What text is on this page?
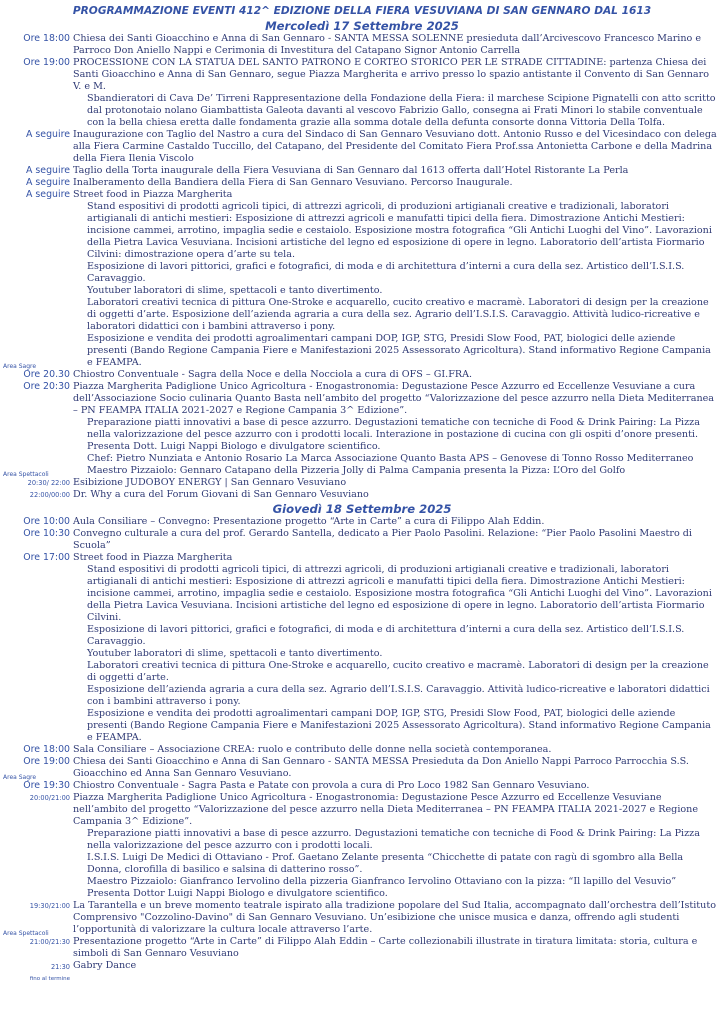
PROGRAMMAZIONE EVENTI 412^ EDIZIONE DELLA FIERA VESUVIANA DI SAN GENNARO DAL 1613
Mercoledì 17 Settembre 2025
Ore 18:00 Chiesa dei Santi Gioacchino e Anna di San Gennaro - SANTA MESSA SOLENNE presieduta dall’Arcivescovo Francesco Marino e Parroco Don Aniello Nappi e Cerimonia di Investitura del Catapano Signor Antonio Carrella

Ore 19:00 PROCESSIONE CON LA STATUA DEL SANTO PATRONO E CORTEO STORICO PER LE STRADE CITTADINE: partenza Chiesa dei Santi Gioacchino e Anna di San Gennaro, segue Piazza Margherita e arrivo presso lo spazio antistante il Convento di San Gennaro V. e M.

Sbandieratori di Cava De’ Tirreni Rappresentazione della Fondazione della Fiera: il marchese Scipione Pignatelli con atto scritto dal protonotaio nolano Giambattista Galeota davanti al vescovo Fabrizio Gallo, consegna ai Frati Minori lo stabile conventuale con la bella chiesa eretta dalle fondamenta grazie alla somma dotale della defunta consorte donna Vittoria Della Tolfa.

A seguire Inaugurazione con Taglio del Nastro a cura del Sindaco di San Gennaro Vesuviano dott. Antonio Russo e del Vicesindaco con delega alla Fiera Carmine Castaldo Tuccillo, del Catapano, del Presidente del Comitato Fiera Prof.ssa Antonietta Carbone e della Madrina della Fiera Ilenia Viscolo

A seguire Taglio della Torta inaugurale della Fiera Vesuviana di San Gennaro dal 1613 offerta dall’Hotel Ristorante La Perla

A seguire Inalberamento della Bandiera della Fiera di San Gennaro Vesuviano. Percorso Inaugurale.

A seguire Street food in Piazza Margherita

Stand espositivi di prodotti agricoli tipici, di attrezzi agricoli, di produzioni artigianali creative e tradizionali, laboratori artigianali di antichi mestieri: Esposizione di attrezzi agricoli e manufatti tipici della fiera. Dimostrazione Antichi Mestieri: incisione cammei, arrotino, impagliа sedie e cestaiolo. Esposizione mostra fotografica “Gli Antichi Luoghi del Vino”. Lavorazioni della Pietra Lavica Vesuviana. Incisioni artistiche del legno ed esposizione di opere in legno. Laboratorio dell’artista Fiormario Cilvini: dimostrazione opera d’arte su tela.

Esposizione di lavori pittorici, grafici e fotografici, di moda e di architettura d’interni a cura della sez. Artistico dell’I.S.I.S. Caravaggio.

Youtuber laboratori di slime, spettacoli e tanto divertimento.

Laboratori creativi tecnica di pittura One-Stroke e acquarello, cucito creativo e macramè. Laboratori di design per la creazione di oggetti d’arte. Esposizione dell’azienda agraria a cura della sez. Agrario dell’I.S.I.S. Caravaggio. Attività ludico-ricreative e laboratori didattici con i bambini attraverso i pony.

Esposizione e vendita dei prodotti agroalimentari campani DOP, IGP, STG, Presidi Slow Food, PAT, biologici delle aziende presenti (Bando Regione Campania Fiere e Manifestazioni 2025 Assessorato Agricoltura). Stand informativo Regione Campania e FEAMPA.

Area Sagre
Ore 20.30 Chiostro Conventuale - Sagra della Noce e della Nocciola a cura di OFS – GI.FRA.

Ore 20:30 Piazza Margherita Padiglione Unico Agricoltura - Enogastronomia: Degustazione Pesce Azzurro ed Eccellenze Vesuviane a cura dell’Associazione Socio culinaria Quanto Basta nell’ambito del progetto “Valorizzazione del pesce azzurro nella Dieta Mediterranea – PN FEAMPA ITALIA 2021-2027 e Regione Campania 3^ Edizione”.

Preparazione piatti innovativi a base di pesce azzurro. Degustazioni tematiche con tecniche di Food & Drink Pairing: La Pizza nella valorizzazione del pesce azzurro con i prodotti locali. Interazione in postazione di cucina con gli ospiti d’onore presenti. Presenta Dott. Luigi Nappi Biologo e divulgatore scientifico.

Chef: Pietro Nunziata e Antonio Rosario La Marca Associazione Quanto Basta APS – Genovese di Tonno Rosso Mediterraneo

Maestro Pizzaiolo: Gennaro Catapano della Pizzeria Jolly di Palma Campania presenta la Pizza: L’Oro del Golfo

Area Spettacoli
20:30/ 22:00 Esibizione JUDOBOY ENERGY | San Gennaro Vesuviano

22:00/00:00 Dr. Why a cura del Forum Giovani di San Gennaro Vesuviano

Giovedì 18 Settembre 2025
Ore 10:00 Aula Consiliare – Convegno: Presentazione progetto “Arte in Carte” a cura di Filippo Alah Eddin.

Ore 10:30 Convegno culturale a cura del prof. Gerardo Santella, dedicato a Pier Paolo Pasolini. Relazione: “Pier Paolo Pasolini Maestro di Scuola”

Ore 17:00 Street food in Piazza Margherita

Stand espositivi di prodotti agricoli tipici, di attrezzi agricoli, di produzioni artigianali creative e tradizionali, laboratori artigianali di antichi mestieri: Esposizione di attrezzi agricoli e manufatti tipici della fiera. Dimostrazione Antichi Mestieri: incisione cammei, arrotino, impagliа sedie e cestaiolo. Esposizione mostra fotografica “Gli Antichi Luoghi del Vino”. Lavorazioni della Pietra Lavica Vesuviana. Incisioni artistiche del legno ed esposizione di opere in legno. Laboratorio dell’artista Fiormario Cilvini.

Esposizione di lavori pittorici, grafici e fotografici, di moda e di architettura d’interni a cura della sez. Artistico dell’I.S.I.S. Caravaggio.

Youtuber laboratori di slime, spettacoli e tanto divertimento.

Laboratori creativi tecnica di pittura One-Stroke e acquarello, cucito creativo e macramè. Laboratori di design per la creazione di oggetti d’arte.

Esposizione dell’azienda agraria a cura della sez. Agrario dell’I.S.I.S. Caravaggio. Attività ludico-ricreative e laboratori didattici con i bambini attraverso i pony.

Esposizione e vendita dei prodotti agroalimentari campani DOP, IGP, STG, Presidi Slow Food, PAT, biologici delle aziende presenti (Bando Regione Campania Fiere e Manifestazioni 2025 Assessorato Agricoltura). Stand informativo Regione Campania e FEAMPA.

Ore 18:00 Sala Consiliare – Associazione CREA: ruolo e contributo delle donne nella società contemporanea.

Ore 19:00 Chiesa dei Santi Gioacchino e Anna di San Gennaro - SANTA MESSA Presieduta da Don Aniello Nappi Parroco Parrocchia S.S. Gioacchino ed Anna San Gennaro Vesuviano.

Area Sagre
Ore 19:30 Chiostro Conventuale - Sagra Pasta e Patate con provola a cura di Pro Loco 1982 San Gennaro Vesuviano.

20:00/21:00 Piazza Margherita Padiglione Unico Agricoltura - Enogastronomia: Degustazione Pesce Azzurro ed Eccellenze Vesuviane nell’ambito del progetto “Valorizzazione del pesce azzurro nella Dieta Mediterranea – PN FEAMPA ITALIA 2021-2027 e Regione Campania 3^ Edizione”.

Preparazione piatti innovativi a base di pesce azzurro. Degustazioni tematiche con tecniche di Food & Drink Pairing: La Pizza nella valorizzazione del pesce azzurro con i prodotti locali.

I.S.I.S. Luigi De Medici di Ottaviano - Prof. Gaetano Zelante presenta “Chicchette di patate con ragù di sgombro alla Bella Donna, clorofilla di basilico e salsina di datterino rosso”.

Maestro Pizzaiolo: Gianfranco Iervolino della pizzeria Gianfranco Iervolino Ottaviano con la pizza: “Il lapillo del Vesuvio” Presenta Dottor Luigi Nappi Biologo e divulgatore scientifico.

19:30/21:00 La Tarantella e un breve momento teatrale ispirato alla tradizione popolare del Sud Italia, accompagnato dall’orchestra dell’Istituto Comprensivo "Cozzolino-Davino" di San Gennaro Vesuviano. Un’esibizione che unisce musica e danza, offrendo agli studenti l’opportunità di valorizzare la cultura locale attraverso l’arte.

Area Spettacoli
21:00/21:30 Presentazione progetto “Arte in Carte” di Filippo Alah Eddin – Carte collezionabili illustrate in tiratura limitata: storia, cultura e simboli di San Gennaro Vesuviano

21:30
fino al termine

Gabry Dance
